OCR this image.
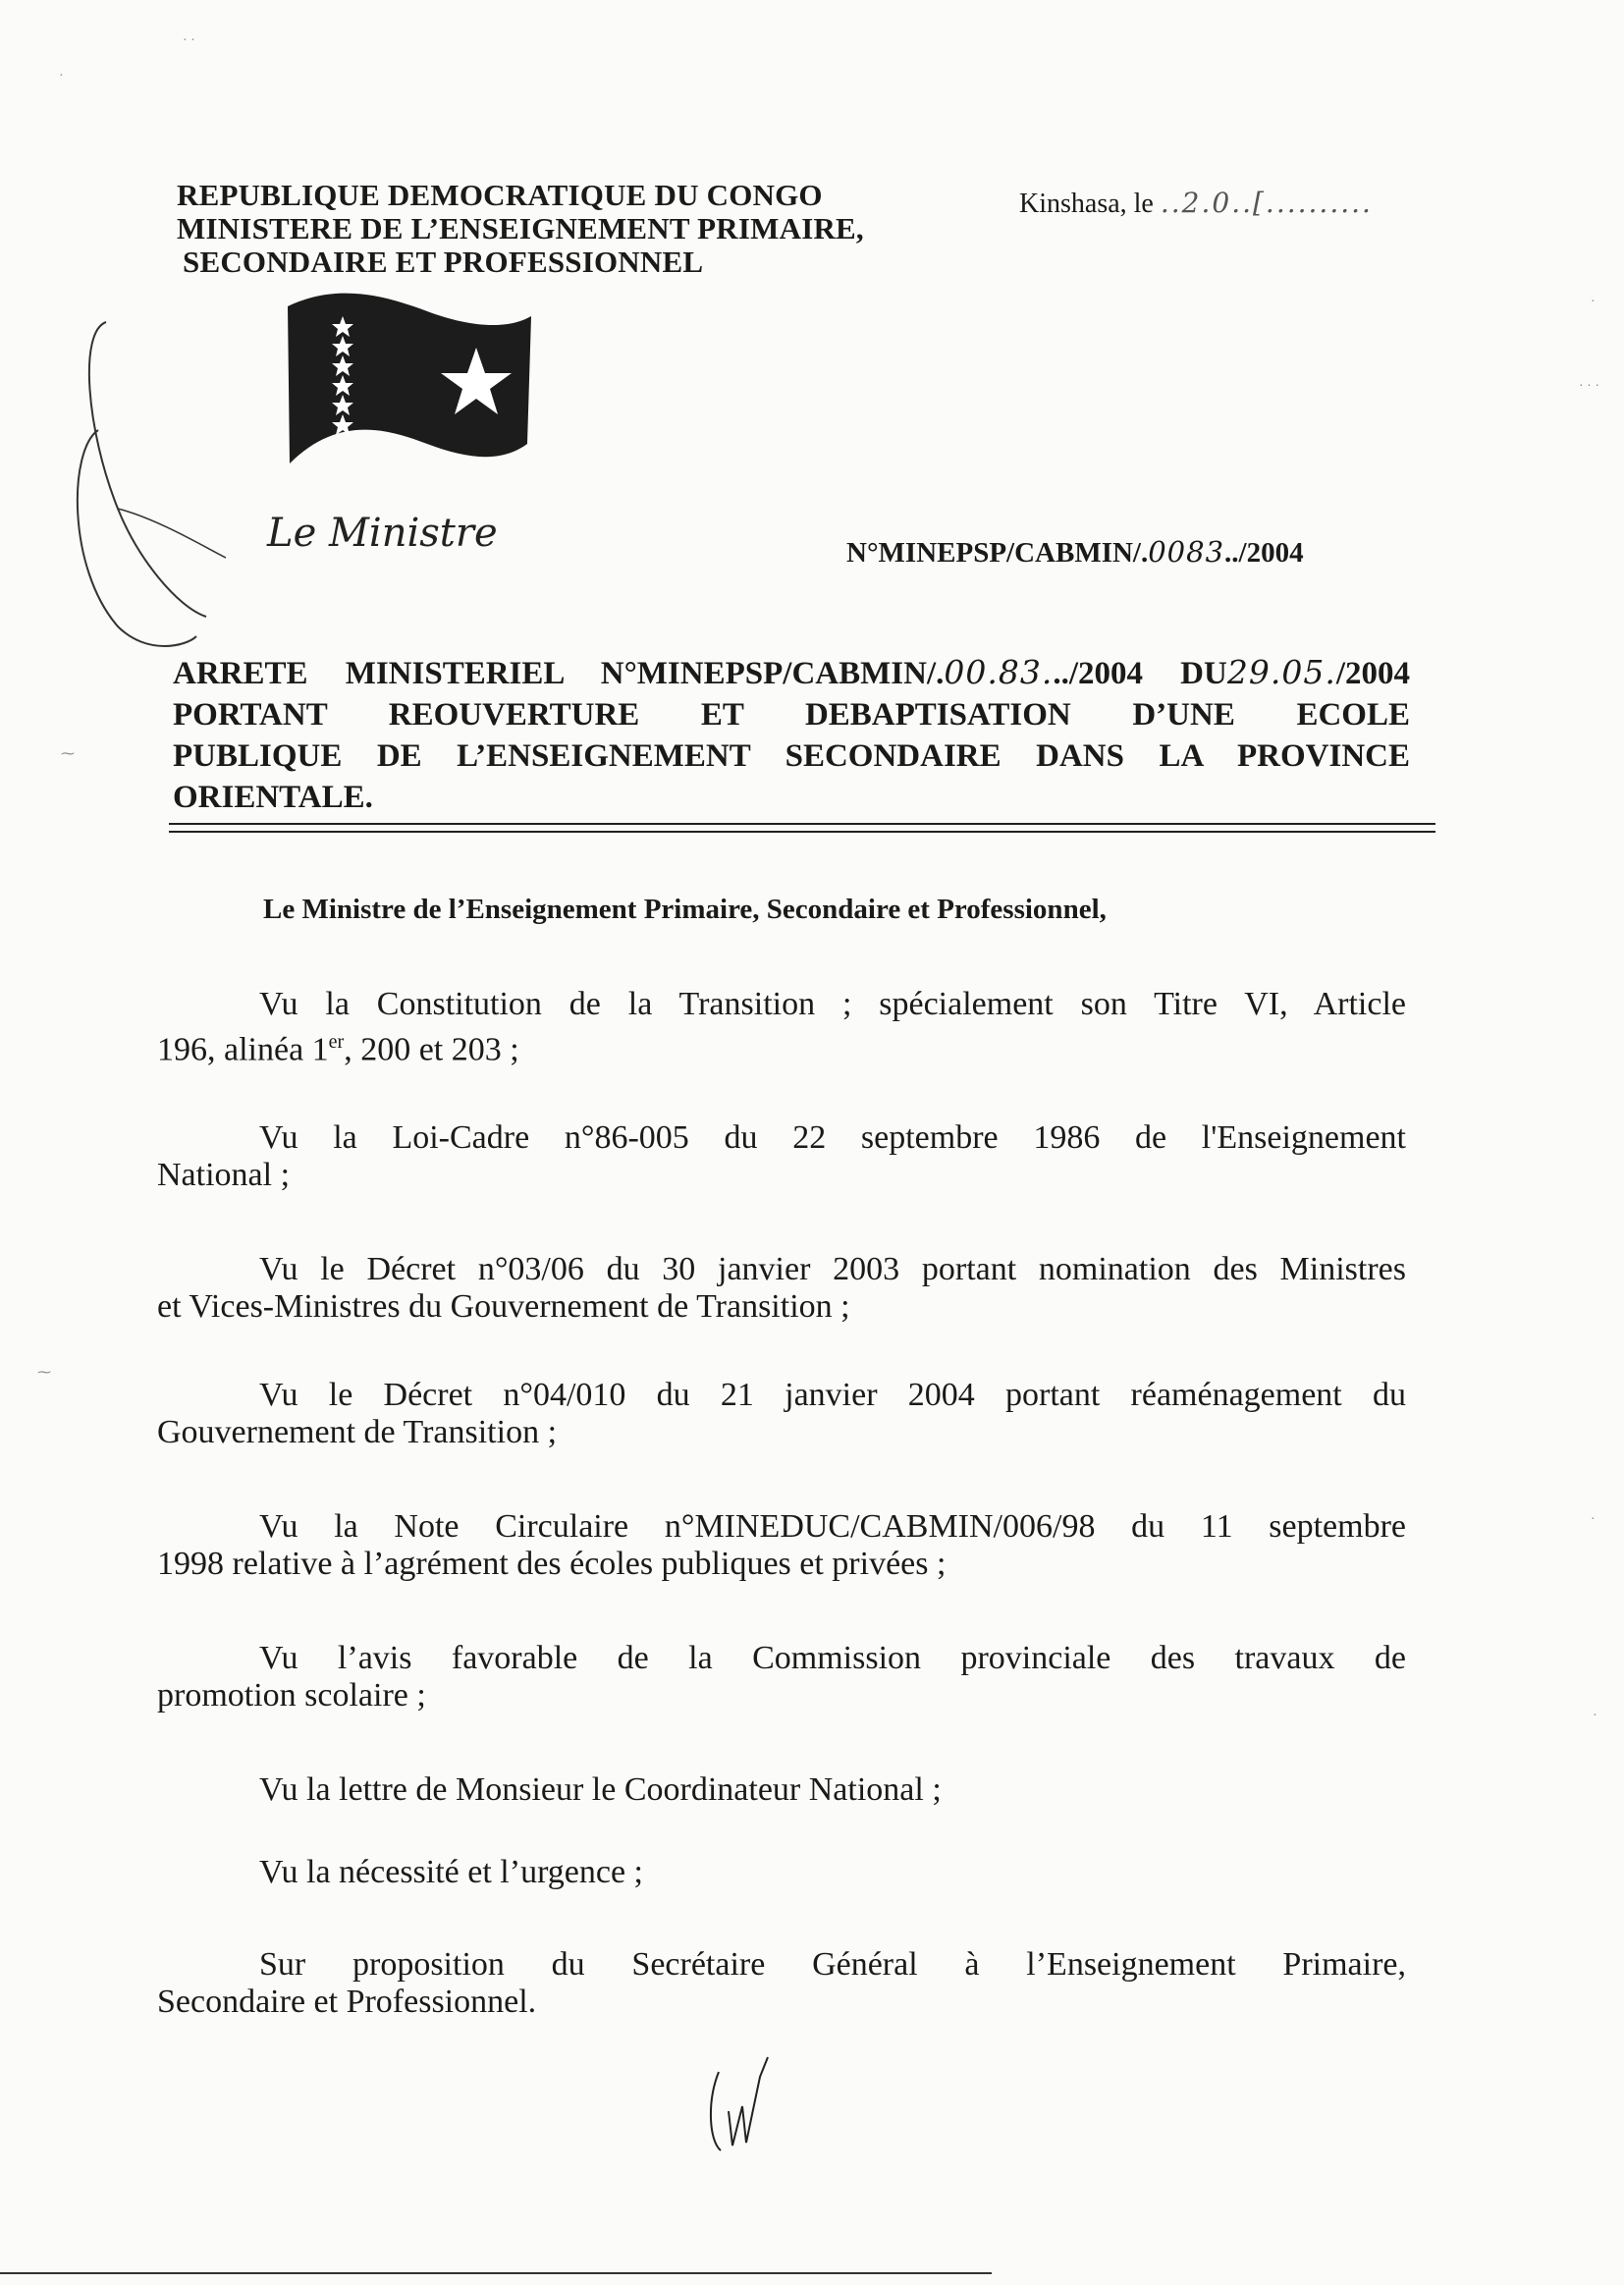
REPUBLIQUE DEMOCRATIQUE DU CONGO
MINISTERE DE L’ENSEIGNEMENT PRIMAIRE,
SECONDAIRE ET PROFESSIONNEL
Kinshasa, le ..2.0..[..........
Le Ministre	N°MINEPSP/CABMIN/.0083../2004
ARRETE MINISTERIEL N°MINEPSP/CABMIN/.00.83.../2004 DU29.05./2004
PORTANT REOUVERTURE ET DEBAPTISATION D’UNE ECOLE
PUBLIQUE DE L’ENSEIGNEMENT SECONDAIRE DANS LA PROVINCE
ORIENTALE.
Le Ministre de l’Enseignement Primaire, Secondaire et Professionnel,
Vu la Constitution de la Transition ; spécialement son Titre VI, Article
196, alinéa 1er, 200 et 203 ;
Vu la Loi-Cadre n°86-005 du 22 septembre 1986 de l'Enseignement
National ;
Vu le Décret n°03/06 du 30 janvier 2003 portant nomination des Ministres
et Vices-Ministres du Gouvernement de Transition ;
Vu le Décret n°04/010 du 21 janvier 2004 portant réaménagement du
Gouvernement de Transition ;
Vu la Note Circulaire n°MINEDUC/CABMIN/006/98 du 11 septembre
1998 relative à l’agrément des écoles publiques et privées ;
Vu l’avis favorable de la Commission provinciale des travaux de
promotion scolaire ;
Vu la lettre de Monsieur le Coordinateur National ;
Vu la nécessité et l’urgence ;
Sur proposition du Secrétaire Général à l’Enseignement Primaire,
Secondaire et Professionnel.
· ·
·
· · ·
·
⁓
⁓
·
·
